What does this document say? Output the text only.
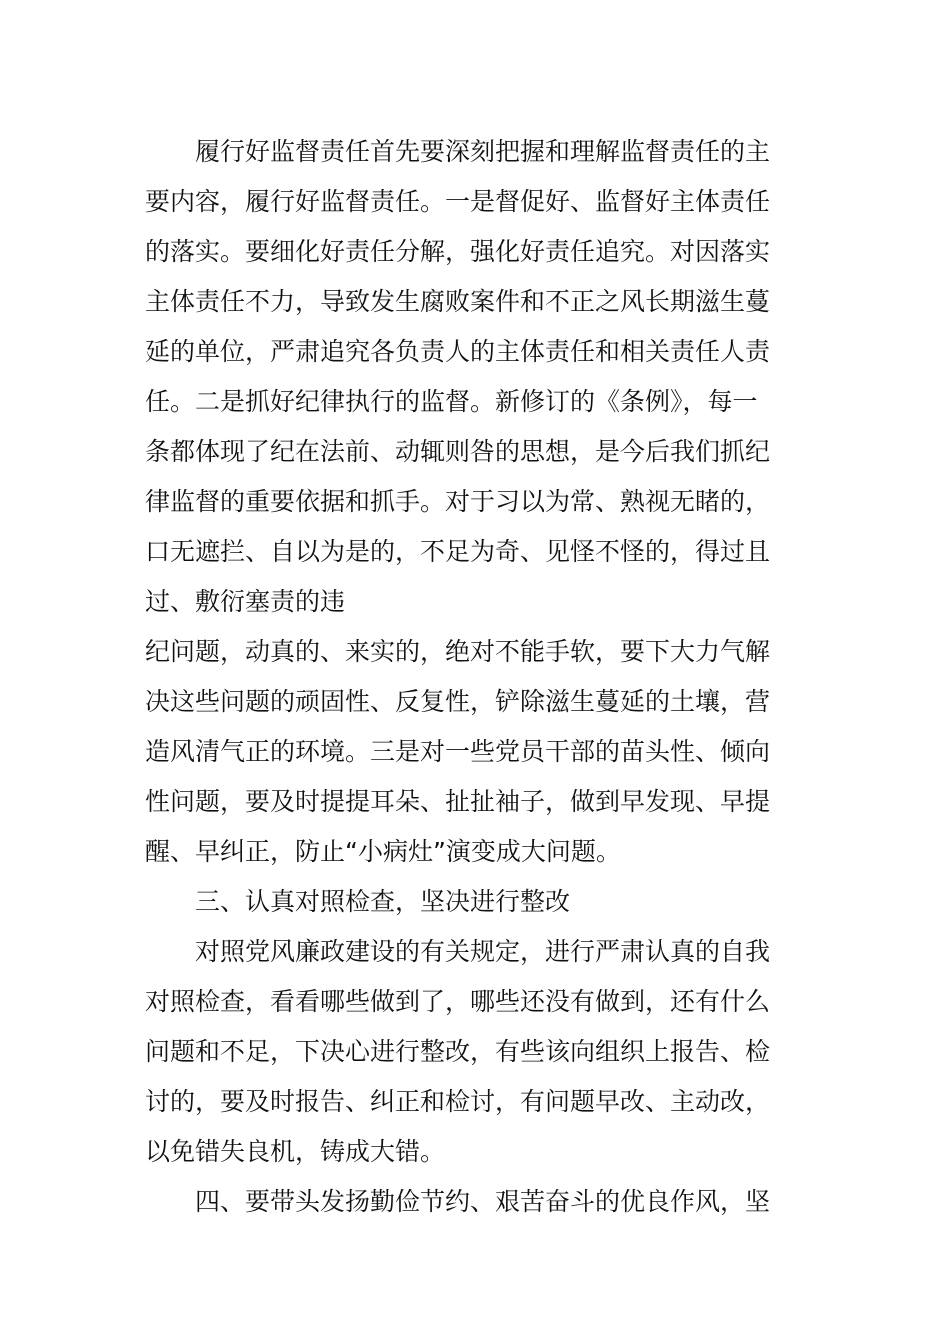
履行好监督责任首先要深刻把握和理解监督责任的主
要内容，履行好监督责任。一是督促好、监督好主体责任
的落实。要细化好责任分解，强化好责任追究。对因落实
主体责任不力，导致发生腐败案件和不正之风长期滋生蔓
延的单位，严肃追究各负责人的主体责任和相关责任人责
任。二是抓好纪律执行的监督。新修订的《条例》，每一
条都体现了纪在法前、动辄则咎的思想，是今后我们抓纪
律监督的重要依据和抓手。对于习以为常、熟视无睹的，
口无遮拦、自以为是的，不足为奇、见怪不怪的，得过且
过、敷衍塞责的违
纪问题，动真的、来实的，绝对不能手软，要下大力气解
决这些问题的顽固性、反复性，铲除滋生蔓延的土壤，营
造风清气正的环境。三是对一些党员干部的苗头性、倾向
性问题，要及时提提耳朵、扯扯袖子，做到早发现、早提
醒、早纠正，防止“小病灶”演变成大问题。
三、认真对照检查，坚决进行整改
对照党风廉政建设的有关规定，进行严肃认真的自我
对照检查，看看哪些做到了，哪些还没有做到，还有什么
问题和不足，下决心进行整改，有些该向组织上报告、检
讨的，要及时报告、纠正和检讨，有问题早改、主动改，
以免错失良机，铸成大错。
四、要带头发扬勤俭节约、艰苦奋斗的优良作风，坚
